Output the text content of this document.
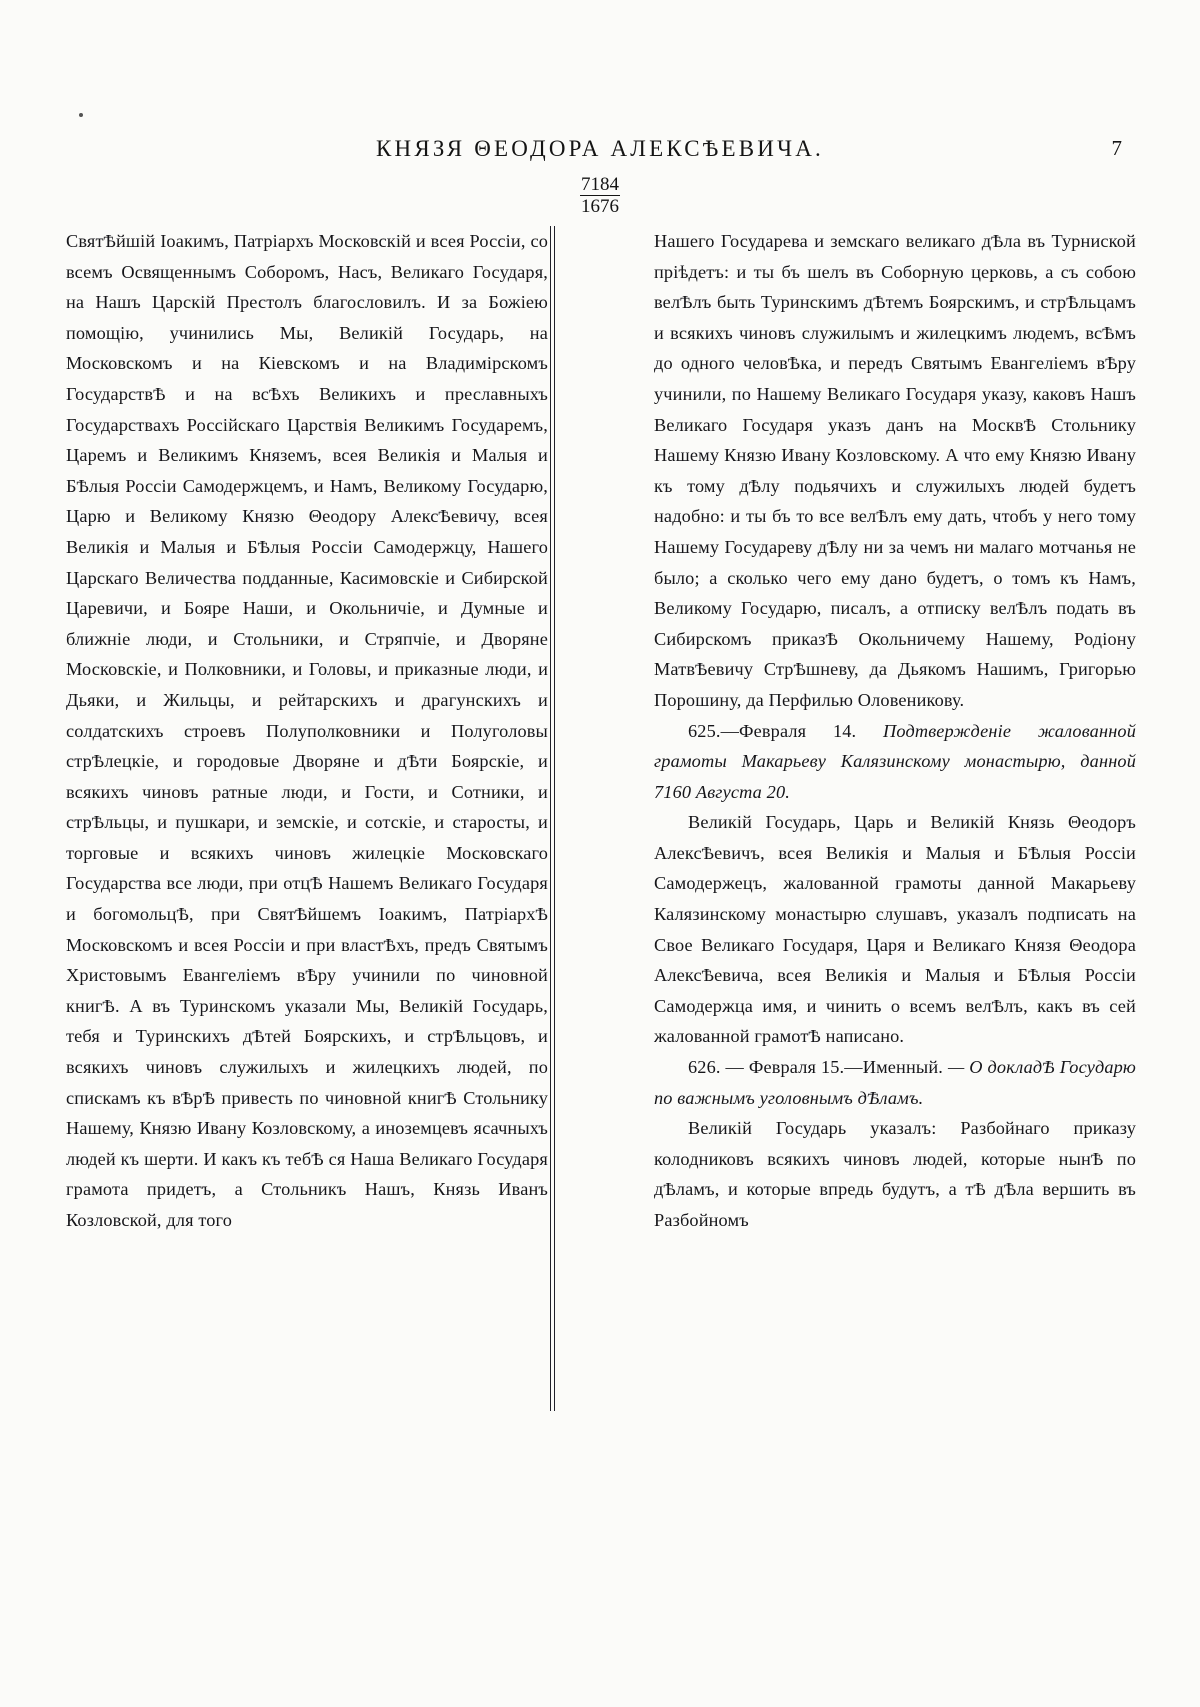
КНЯЗЯ ΘЕОДОРА АЛЕКСѢЕВИЧА.	7
$\frac{7184}{1676}$

СвятѢйшій Іоакимъ, Патріархъ Московскій и всея Россіи, со всемъ Освященнымъ Соборомъ, Насъ, Великаго Государя, на Нашъ Царскій Престолъ благословилъ. И за Божіею помощію, учинились Мы, Великій Государь, на Московскомъ и на Кіевскомъ и на Владимірскомъ ГосударствѢ и на всѢхъ Великихъ и преславныхъ Государствахъ Россійскаго Царствія Великимъ Государемъ, Царемъ и Великимъ Княземъ, всея Великія и Малыя и БѢлыя Россіи Самодержцемъ, и Намъ, Великому Государю, Царю и Великому Князю Θеодору АлексѢевичу, всея Великія и Малыя и БѢлыя Россіи Самодержцу, Нашего Царскаго Величества подданные, Касимовскіе и Сибирской Царевичи, и Бояре Наши, и Окольничіе, и Думные и ближніе люди, и Стольники, и Стряпчіе, и Дворяне Московскіе, и Полковники, и Головы, и приказные люди, и Дьяки, и Жильцы, и рейтарскихъ и драгунскихъ и солдатскихъ строевъ Полуполковники и Полуголовы стрѢлецкіе, и городовые Дворяне и дѢти Боярскіе, и всякихъ чиновъ ратные люди, и Гости, и Сотники, и стрѢльцы, и пушкари, и земскіе, и сотскіе, и старосты, и торговые и всякихъ чиновъ жилецкіе Московскаго Государства все люди, при отцѢ Нашемъ Великаго Государя и богомольцѢ, при СвятѢйшемъ Іоакимъ, ПатріархѢ Московскомъ и всея Россіи и при властѢхъ, предъ Святымъ Христовымъ Евангеліемъ вѢру учинили по чиновной книгѢ. А въ Туринскомъ указали Мы, Великій Государь, тебя и Туринскихъ дѢтей Боярскихъ, и стрѢльцовъ, и всякихъ чиновъ служилыхъ и жилецкихъ людей, по спискамъ къ вѢрѢ привесть по чиновной книгѢ Стольнику Нашему, Князю Ивану Козловскому, а иноземцевъ ясачныхъ людей къ шерти. И какъ къ тебѢ ся Наша Великаго Государя грамота придетъ, а Стольникъ Нашъ, Князь Иванъ Козловской, для того

Нашего Государева и земскаго великаго дѢла въ Турниской пріѣдетъ: и ты бъ шелъ въ Соборную церковь, а съ собою велѢлъ быть Туринскимъ дѢтемъ Боярскимъ, и стрѢльцамъ и всякихъ чиновъ служилымъ и жилецкимъ людемъ, всѢмъ до одного человѢка, и передъ Святымъ Евангеліемъ вѢру учинили, по Нашему Великаго Государя указу, каковъ Нашъ Великаго Государя указъ данъ на МосквѢ Стольнику Нашему Князю Ивану Козловскому. А что ему Князю Ивану къ тому дѢлу подьячихъ и служилыхъ людей будетъ надобно: и ты бъ то все велѢлъ ему дать, чтобъ у него тому Нашему Государеву дѢлу ни за чемъ ни малаго мотчанья не было; а сколько чего ему дано будетъ, о томъ къ Намъ, Великому Государю, писалъ, а отписку велѢлъ подать въ Сибирскомъ приказѢ Окольничему Нашему, Родіону МатвѢевичу СтрѢшневу, да Дьякомъ Нашимъ, Григорью Порошину, да Перфилью Оловеникову.

625.—Февраля 14. Подтвержденіе жалованной грамоты Макарьеву Калязинскому монастырю, данной 7160 Августа 20.

Великій Государь, Царь и Великій Князь Θеодоръ АлексѢевичъ, всея Великія и Малыя и БѢлыя Россіи Самодержецъ, жалованной грамоты данной Макарьеву Калязинскому монастырю слушавъ, указалъ подписать на Свое Великаго Государя, Царя и Великаго Князя Θеодора АлексѢевича, всея Великія и Малыя и БѢлыя Россіи Самодержца имя, и чинить о всемъ велѢлъ, какъ въ сей жалованной грамотѢ написано.

626. — Февраля 15.—Именный. — О докладѢ Государю по важнымъ уголовнымъ дѢламъ.

Великій Государь указалъ: Разбойнаго приказу колодниковъ всякихъ чиновъ людей, которые нынѢ по дѢламъ, и которые впредь будутъ, а тѢ дѢла вершить въ Разбойномъ
